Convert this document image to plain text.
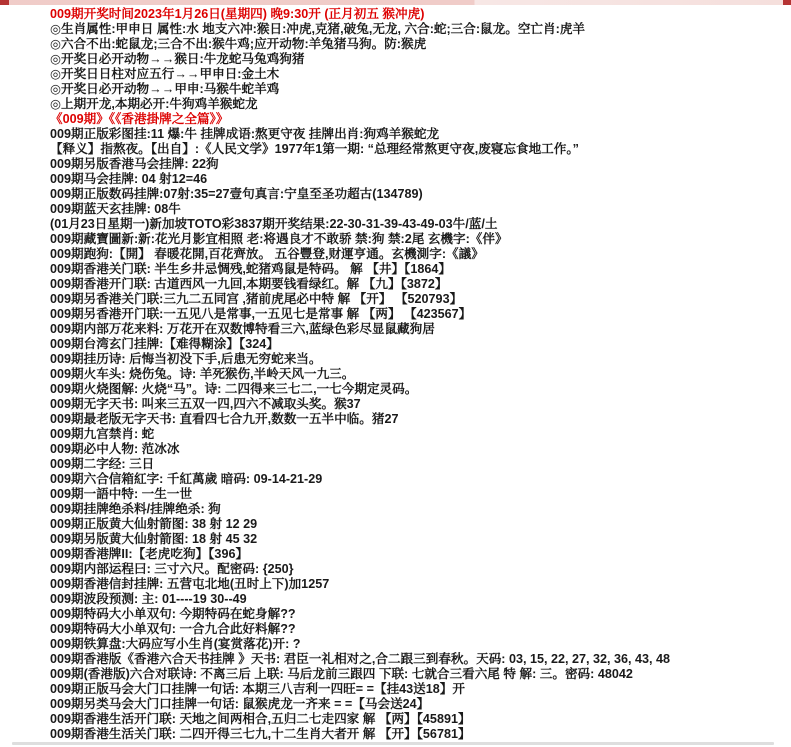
009期开奖时间2023年1月26日(星期四) 晚9:30开 (正月初五 猴冲虎)
◎生肖属性:甲申日 属性:水 地支六冲:猴日:冲虎,克猪,破兔,无龙, 六合:蛇;三合:鼠龙。空亡肖:虎羊
◎六合不出:蛇鼠龙;三合不出:猴牛鸡;应开动物:羊兔猪马狗。防:猴虎
◎开奖日必开动物→→猴日:牛龙蛇马兔鸡狗猪
◎开奖日日柱对应五行→→甲申日:金土木
◎开奖日必开动物→→甲申:马猴牛蛇羊鸡
◎上期开龙,本期必开:牛狗鸡羊猴蛇龙
《009期》《《香港掛牌之全篇》》
009期正版彩图挂:11 爆:牛 挂牌成语:熬更守夜 挂牌出肖:狗鸡羊猴蛇龙
【释义】指熬夜。【出自】:《人民文学》1977年1第一期: “总理经常熬更守夜,废寝忘食地工作。”
009期另版香港马会挂牌: 22狗
009期马会挂牌: 04 射12=46
009期正版数码挂牌:07射:35=27壹句真言:宁皇至圣功超古(134789)
009期蓝天玄挂牌: 08牛
(01月23日星期一)新加坡TOTO彩3837期开奖结果:22-30-31-39-43-49-03牛/蓝/土
009期藏寶圖新:新:花光月影宜相照 老:将遇良才不敢骄 禁:狗 禁:2尾 玄機字:《伴》
009期跑狗:【開】 春暖花開,百花齊放。 五谷豐登,财運亨通。玄機測字:《議》
009期香港关门联: 半生乡井忌惆残,蛇猪鸡鼠是特码。 解 【井】【1864】
009期香港开门联: 古道西风一九回,本期要钱看绿红。解 【九】【3872】
009期另香港关门联:三九二五同宫 ,猪前虎尾必中特 解 【开】 【520793】
009期另香港开门联:一五见八是常事,一五见七是常事 解 【两】 【423567】
009期内部万花来料: 万花开在双数博特看三六,蓝绿色彩尽显鼠藏狗居
009期台湾玄门挂牌:【难得糊涂】【324】
009期挂历诗: 后悔当初没下手,后患无穷蛇来当。
009期火车头: 烧伤兔。诗: 羊死猴伤,半岭天风一九三。
009期火烧图解: 火烧“马”。诗: 二四得来三七二,一七今期定灵码。
009期无字天书: 叫来三五双一四,四六不减取头奖。猴37
009期最老版无字天书: 直看四七合九开,数数一五半中临。猪27
009期九宫禁肖: 蛇
009期必中人物: 范冰冰
009期二字经: 三日
009期六合信箱紅字: 千紅萬歲 暗码: 09-14-21-29
009期一語中特: 一生一世
009期挂牌绝杀料/挂牌绝杀: 狗
009期正版黄大仙射箭图: 38 射 12 29
009期另版黄大仙射箭图: 18 射 45 32
009期香港牌II:【老虎吃狗】【396】
009期内部运程曰: 三寸六尺。配密码: {250}
009期香港信封挂牌: 五营屯北地(丑时上下)加1257
009期波段预测: 主: 01----19 30--49
009期特码大小单双句: 今期特码在蛇身解??
009期特码大小单双句: 一合九合此好料解??
009期铁算盘:大码应写小生肖(宴赏落花)开: ?
009期香港版《香港六合天书挂牌 》天书: 君臣一礼相对之,合二跟三到春秋。天码: 03, 15, 22, 27, 32, 36, 43, 48
009期(香港版)六合对联诗: 不离三后 上联: 马后龙前三跟四 下联: 七就合三看六尾 特 解: 三。密码: 48042
009期正版马会大门口挂牌一句话: 本期三八吉利一四旺= =【挂43送18】开
009期另类马会大门口挂牌一句话: 鼠猴虎龙一齐来 = =【马会送24】
009期香港生活开门联: 天地之间两相合,五归二七走四家 解 【两】【45891】
009期香港生活关门联: 二四开得三七九,十二生肖大者开 解 【开】【56781】
